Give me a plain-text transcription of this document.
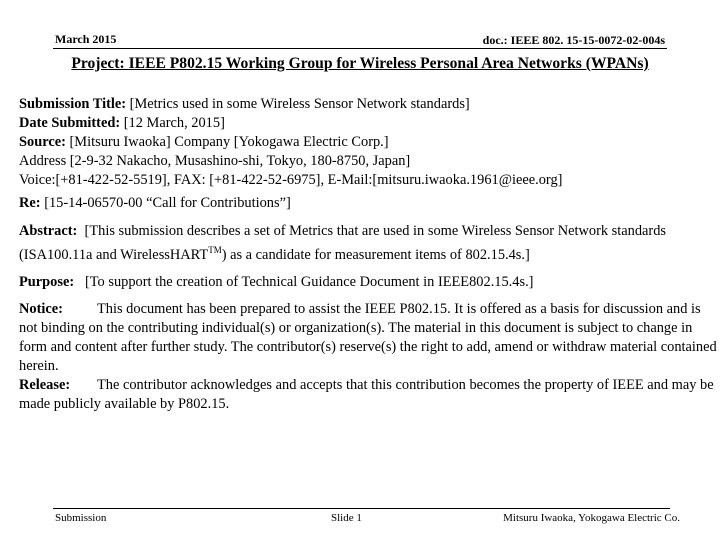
March 2015	doc.: IEEE 802. 15-15-0072-02-004s
Project: IEEE P802.15 Working Group for Wireless Personal Area Networks (WPANs)

Submission Title: [Metrics used in some Wireless Sensor Network standards]

Date Submitted: [12 March, 2015]

Source: [Mitsuru Iwaoka] Company [Yokogawa Electric Corp.]

Address [2-9-32 Nakacho, Musashino-shi, Tokyo, 180-8750, Japan]

Voice:[+81-422-52-5519], FAX: [+81-422-52-6975], E-Mail:[mitsuru.iwaoka.1961@ieee.org]

Re: [15-14-06570-00 “Call for Contributions”]

Abstract: [This submission describes a set of Metrics that are used in some Wireless Sensor Network standards (ISA100.11a and WirelessHART™) as a candidate for measurement items of 802.15.4s.]

Purpose: [To support the creation of Technical Guidance Document in IEEE802.15.4s.]

Notice: This document has been prepared to assist the IEEE P802.15. It is offered as a basis for discussion and is not binding on the contributing individual(s) or organization(s). The material in this document is subject to change in form and content after further study. The contributor(s) reserve(s) the right to add, amend or withdraw material contained herein.

Release: The contributor acknowledges and accepts that this contribution becomes the property of IEEE and may be made publicly available by P802.15.

Submission	Slide 1	Mitsuru Iwaoka, Yokogawa Electric Co.
